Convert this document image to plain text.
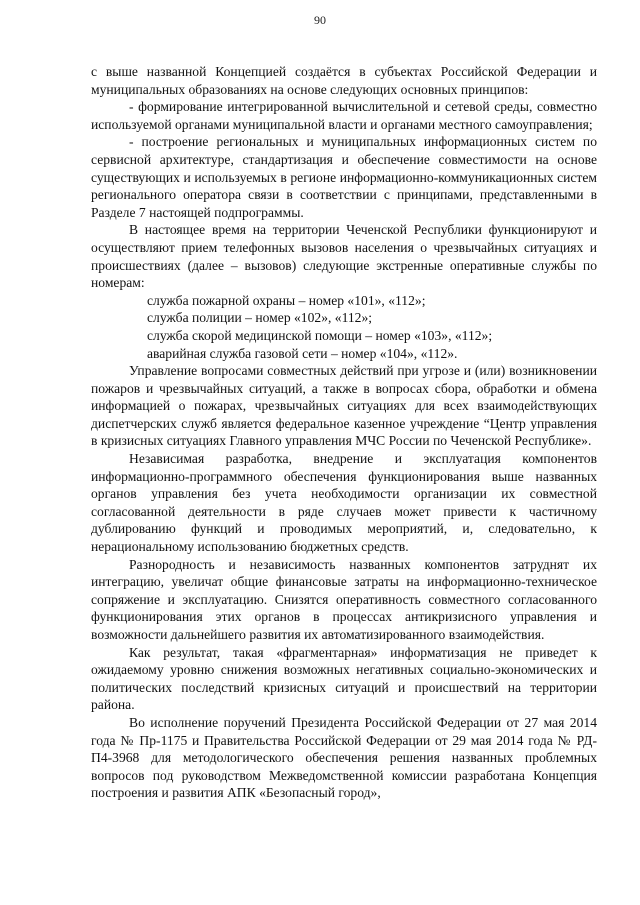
90

с выше названной Концепцией создаётся в субъектах Российской Федерации и муниципальных образованиях на основе следующих основных принципов:

- формирование интегрированной вычислительной и сетевой среды, совместно используемой органами муниципальной власти и органами местного самоуправления;

- построение региональных и муниципальных информационных систем по сервисной архитектуре, стандартизация и обеспечение совместимости на основе существующих и используемых в регионе информационно-коммуникационных систем регионального оператора связи в соответствии с принципами, представленными в Разделе 7 настоящей подпрограммы.

В настоящее время на территории Чеченской Республики функционируют и осуществляют прием телефонных вызовов населения о чрезвычайных ситуациях и происшествиях (далее – вызовов) следующие экстренные оперативные службы по номерам:

служба пожарной охраны – номер «101», «112»;

служба полиции – номер «102», «112»;

служба скорой медицинской помощи – номер «103», «112»;

аварийная служба газовой сети – номер «104», «112».

Управление вопросами совместных действий при угрозе и (или) возникновении пожаров и чрезвычайных ситуаций, а также в вопросах сбора, обработки и обмена информацией о пожарах, чрезвычайных ситуациях для всех взаимодействующих диспетчерских служб является федеральное казенное учреждение “Центр управления в кризисных ситуациях Главного управления МЧС России по Чеченской Республике».

Независимая разработка, внедрение и эксплуатация компонентов информационно-программного обеспечения функционирования выше названных органов управления без учета необходимости организации их совместной согласованной деятельности в ряде случаев может привести к частичному дублированию функций и проводимых мероприятий, и, следовательно, к нерациональному использованию бюджетных средств.

Разнородность и независимость названных компонентов затруднят их интеграцию, увеличат общие финансовые затраты на информационно-техническое сопряжение и эксплуатацию. Снизятся оперативность совместного согласованного функционирования этих органов в процессах антикризисного управления и возможности дальнейшего развития их автоматизированного взаимодействия.

Как результат, такая «фрагментарная» информатизация не приведет к ожидаемому уровню снижения возможных негативных социально-экономических и политических последствий кризисных ситуаций и происшествий на территории района.

Во исполнение поручений Президента Российской Федерации от 27 мая 2014 года № Пр-1175 и Правительства Российской Федерации от 29 мая 2014 года № РД-П4-3968 для методологического обеспечения решения названных проблемных вопросов под руководством Межведомственной комиссии разработана Концепция построения и развития АПК «Безопасный город»,
